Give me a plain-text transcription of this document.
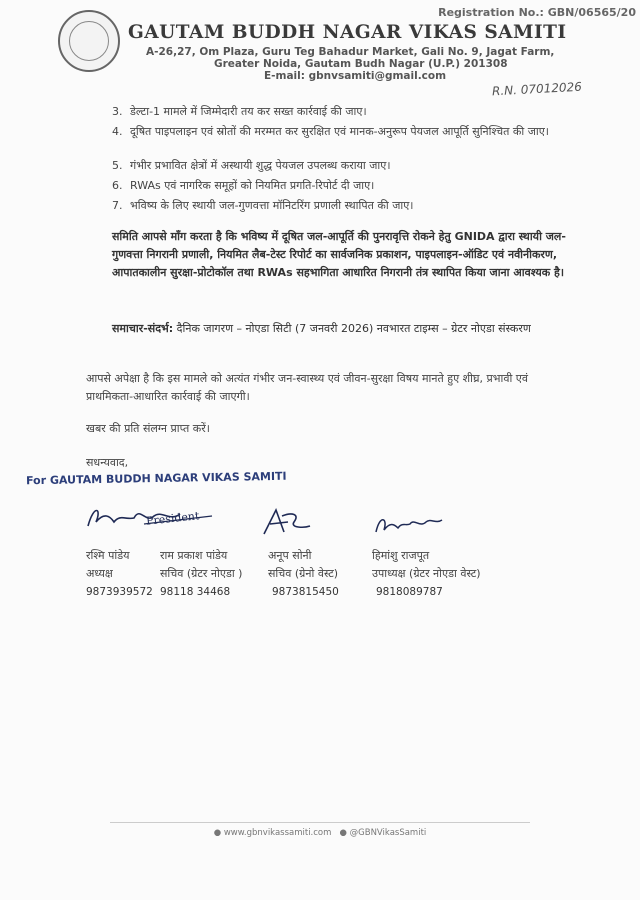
Registration No.: GBN/06565/20
GAUTAM BUDDH NAGAR VIKAS SAMITI
A-26,27, Om Plaza, Guru Teg Bahadur Market, Gali No. 9, Jagat Farm,
Greater Noida, Gautam Budh Nagar (U.P.) 201308
E-mail: gbnvsamiti@gmail.com
R.N. 07012026
3. डेल्टा-1 मामले में जिम्मेदारी तय कर सख्त कार्रवाई की जाए।
4. दूषित पाइपलाइन एवं स्रोतों की मरम्मत कर सुरक्षित एवं मानक-अनुरूप पेयजल आपूर्ति सुनिश्चित की जाए।
5. गंभीर प्रभावित क्षेत्रों में अस्थायी शुद्ध पेयजल उपलब्ध कराया जाए।
6. RWAs एवं नागरिक समूहों को नियमित प्रगति-रिपोर्ट दी जाए।
7. भविष्य के लिए स्थायी जल-गुणवत्ता मॉनिटरिंग प्रणाली स्थापित की जाए।
समिति आपसे माँग करता है कि भविष्य में दूषित जल-आपूर्ति की पुनरावृत्ति रोकने हेतु GNIDA द्वारा स्थायी जल-गुणवत्ता निगरानी प्रणाली, नियमित लैब-टेस्ट रिपोर्ट का सार्वजनिक प्रकाशन, पाइपलाइन-ऑडिट एवं नवीनीकरण, आपातकालीन सुरक्षा-प्रोटोकॉल तथा RWAs सहभागिता आधारित निगरानी तंत्र स्थापित किया जाना आवश्यक है।
समाचार-संदर्भ: दैनिक जागरण – नोएडा सिटी (7 जनवरी 2026) नवभारत टाइम्स – ग्रेटर नोएडा संस्करण
आपसे अपेक्षा है कि इस मामले को अत्यंत गंभीर जन-स्वास्थ्य एवं जीवन-सुरक्षा विषय मानते हुए शीघ्र, प्रभावी एवं प्राथमिकता-आधारित कार्रवाई की जाएगी।
खबर की प्रति संलग्न प्राप्त करें।
सधन्यवाद,
For GAUTAM BUDDH NAGAR VIKAS SAMITI
President
रश्मि पांडेय
अध्यक्ष
9873939572
राम प्रकाश पांडेय
सचिव (ग्रेटर नोएडा )
98118 34468
अनूप सोनी
सचिव (ग्रेनो वेस्ट)
9873815450
हिमांशु राजपूत
उपाध्यक्ष (ग्रेटर नोएडा वेस्ट)
9818089787
● www.gbnvikassamiti.com ● @GBNVikasSamiti
